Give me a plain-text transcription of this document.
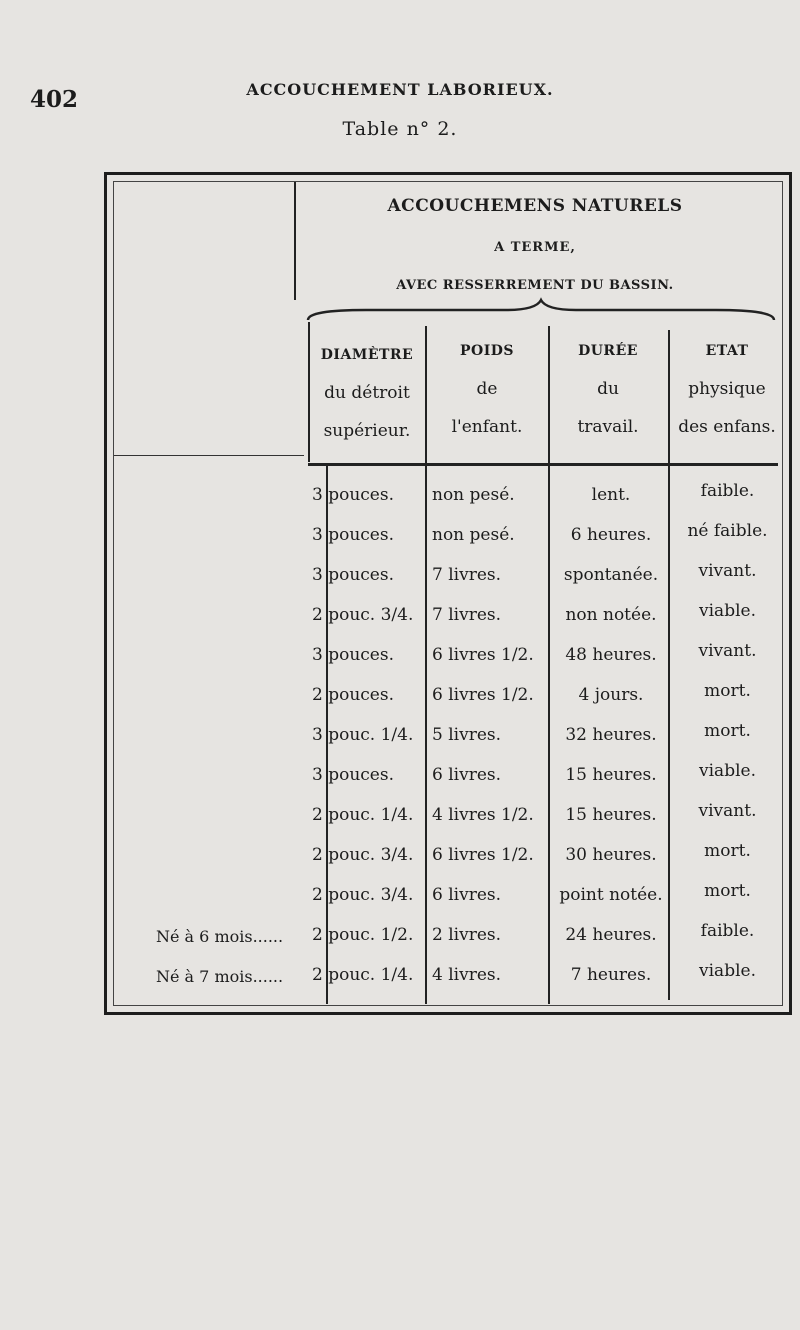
402	ACCOUCHEMENT LABORIEUX.
Table n° 2.
ACCOUCHEMENS NATURELS
A TERME,
AVEC RESSERREMENT DU BASSIN.
DIAMÈTRE
du détroit
supérieur.
POIDS
de
l'enfant.
DURÉE
du
travail.
ETAT
physique
des enfans.
3 pouces.	non pesé.	lent.	faible.
3 pouces.	non pesé.	6 heures.	né faible.
3 pouces.	7 livres.	spontanée.	vivant.
2 pouc. 3/4.	7 livres.	non notée.	viable.
3 pouces.	6 livres 1/2.	48 heures.	vivant.
2 pouces.	6 livres 1/2.	4 jours.	mort.
3 pouc. 1/4.	5 livres.	32 heures.	mort.
3 pouces.	6 livres.	15 heures.	viable.
2 pouc. 1/4.	4 livres 1/2.	15 heures.	vivant.
2 pouc. 3/4.	6 livres 1/2.	30 heures.	mort.
2 pouc. 3/4.	6 livres.	point notée.	mort.
Né à 6 mois...... 2 pouc. 1/2.	2 livres.	24 heures.	faible.
Né à 7 mois...... 2 pouc. 1/4.	4 livres.	7 heures.	viable.
